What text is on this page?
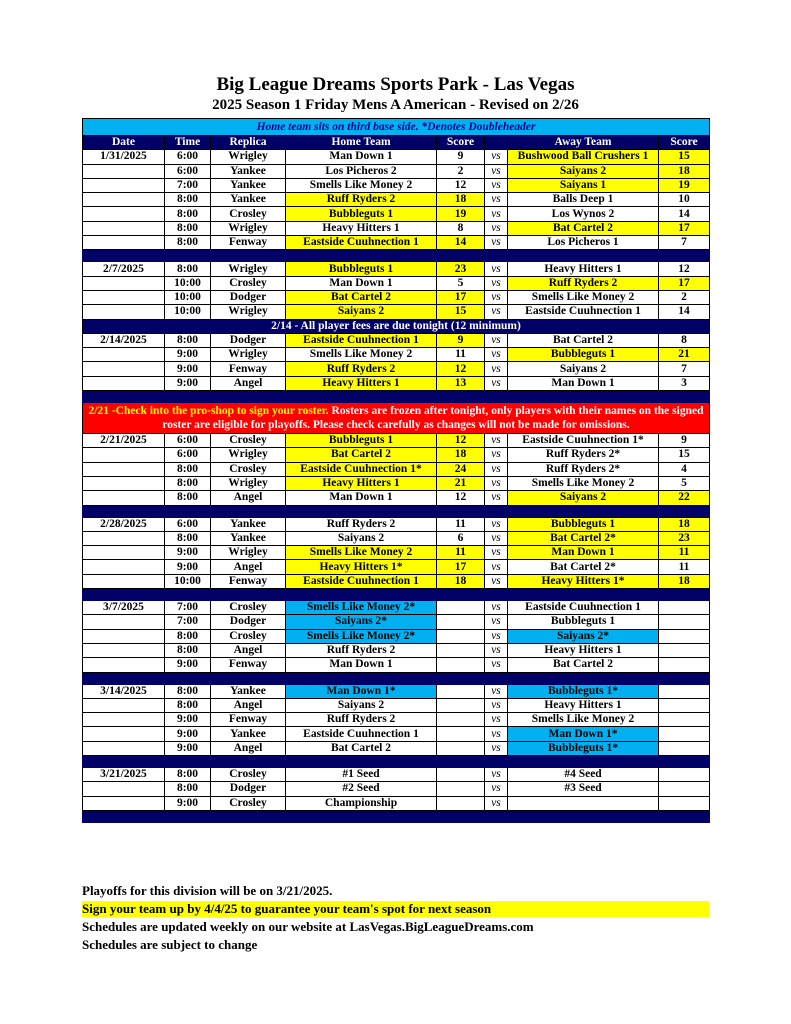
Big League Dreams Sports Park - Las Vegas
2025 Season 1 Friday Mens A American - Revised on 2/26
Home team sits on third base side. *Denotes Doubleheader							
Date	Time	Replica	Home Team	Score		Away Team	Score
1/31/2025	6:00	Wrigley	Man Down 1	9	vs	Bushwood Ball Crushers 1	15
	6:00	Yankee	Los Picheros 2	2	vs	Saiyans 2	18
	7:00	Yankee	Smells Like Money 2	12	vs	Saiyans 1	19
	8:00	Yankee	Ruff Ryders 2	18	vs	Balls Deep 1	10
	8:00	Crosley	Bubbleguts 1	19	vs	Los Wynos 2	14
	8:00	Wrigley	Heavy Hitters 1	8	vs	Bat Cartel 2	17
	8:00	Fenway	Eastside Cuuhnection 1	14	vs	Los Picheros 1	7

2/7/2025	8:00	Wrigley	Bubbleguts 1	23	vs	Heavy Hitters 1	12
	10:00	Crosley	Man Down 1	5	vs	Ruff Ryders 2	17
	10:00	Dodger	Bat Cartel 2	17	vs	Smells Like Money 2	2
	10:00	Wrigley	Saiyans 2	15	vs	Eastside Cuuhnection 1	14
2/14 - All player fees are due tonight (12 minimum)							
2/14/2025	8:00	Dodger	Eastside Cuuhnection 1	9	vs	Bat Cartel 2	8
	9:00	Wrigley	Smells Like Money 2	11	vs	Bubbleguts 1	21
	9:00	Fenway	Ruff Ryders 2	12	vs	Saiyans 2	7
	9:00	Angel	Heavy Hitters 1	13	vs	Man Down 1	3

2/21 -Check into the pro-shop to sign your roster. Rosters are frozen after tonight, only players with their names on the signed roster are eligible for playoffs. Please check carefully as changes will not be made for omissions.							
2/21/2025	6:00	Crosley	Bubbleguts 1	12	vs	Eastside Cuuhnection 1*	9
	6:00	Wrigley	Bat Cartel 2	18	vs	Ruff Ryders 2*	15
	8:00	Crosley	Eastside Cuuhnection 1*	24	vs	Ruff Ryders 2*	4
	8:00	Wrigley	Heavy Hitters 1	21	vs	Smells Like Money 2	5
	8:00	Angel	Man Down 1	12	vs	Saiyans 2	22

2/28/2025	6:00	Yankee	Ruff Ryders 2	11	vs	Bubbleguts 1	18
	8:00	Yankee	Saiyans 2	6	vs	Bat Cartel 2*	23
	9:00	Wrigley	Smells Like Money 2	11	vs	Man Down 1	11
	9:00	Angel	Heavy Hitters 1*	17	vs	Bat Cartel 2*	11
	10:00	Fenway	Eastside Cuuhnection 1	18	vs	Heavy Hitters 1*	18

3/7/2025	7:00	Crosley	Smells Like Money 2*		vs	Eastside Cuuhnection 1	
	7:00	Dodger	Saiyans 2*		vs	Bubbleguts 1	
	8:00	Crosley	Smells Like Money 2*		vs	Saiyans 2*	
	8:00	Angel	Ruff Ryders 2		vs	Heavy Hitters 1	
	9:00	Fenway	Man Down 1		vs	Bat Cartel 2	

3/14/2025	8:00	Yankee	Man Down 1*		vs	Bubbleguts 1*	
	8:00	Angel	Saiyans 2		vs	Heavy Hitters 1	
	9:00	Fenway	Ruff Ryders 2		vs	Smells Like Money 2	
	9:00	Yankee	Eastside Cuuhnection 1		vs	Man Down 1*	
	9:00	Angel	Bat Cartel 2		vs	Bubbleguts 1*	

3/21/2025	8:00	Crosley	#1 Seed		vs	#4 Seed	
	8:00	Dodger	#2 Seed		vs	#3 Seed	
	9:00	Crosley	Championship		vs		

Playoffs for this division will be on 3/21/2025.
Sign your team up by 4/4/25 to guarantee your team's spot for next season
Schedules are updated weekly on our website at LasVegas.BigLeagueDreams.com
Schedules are subject to change
